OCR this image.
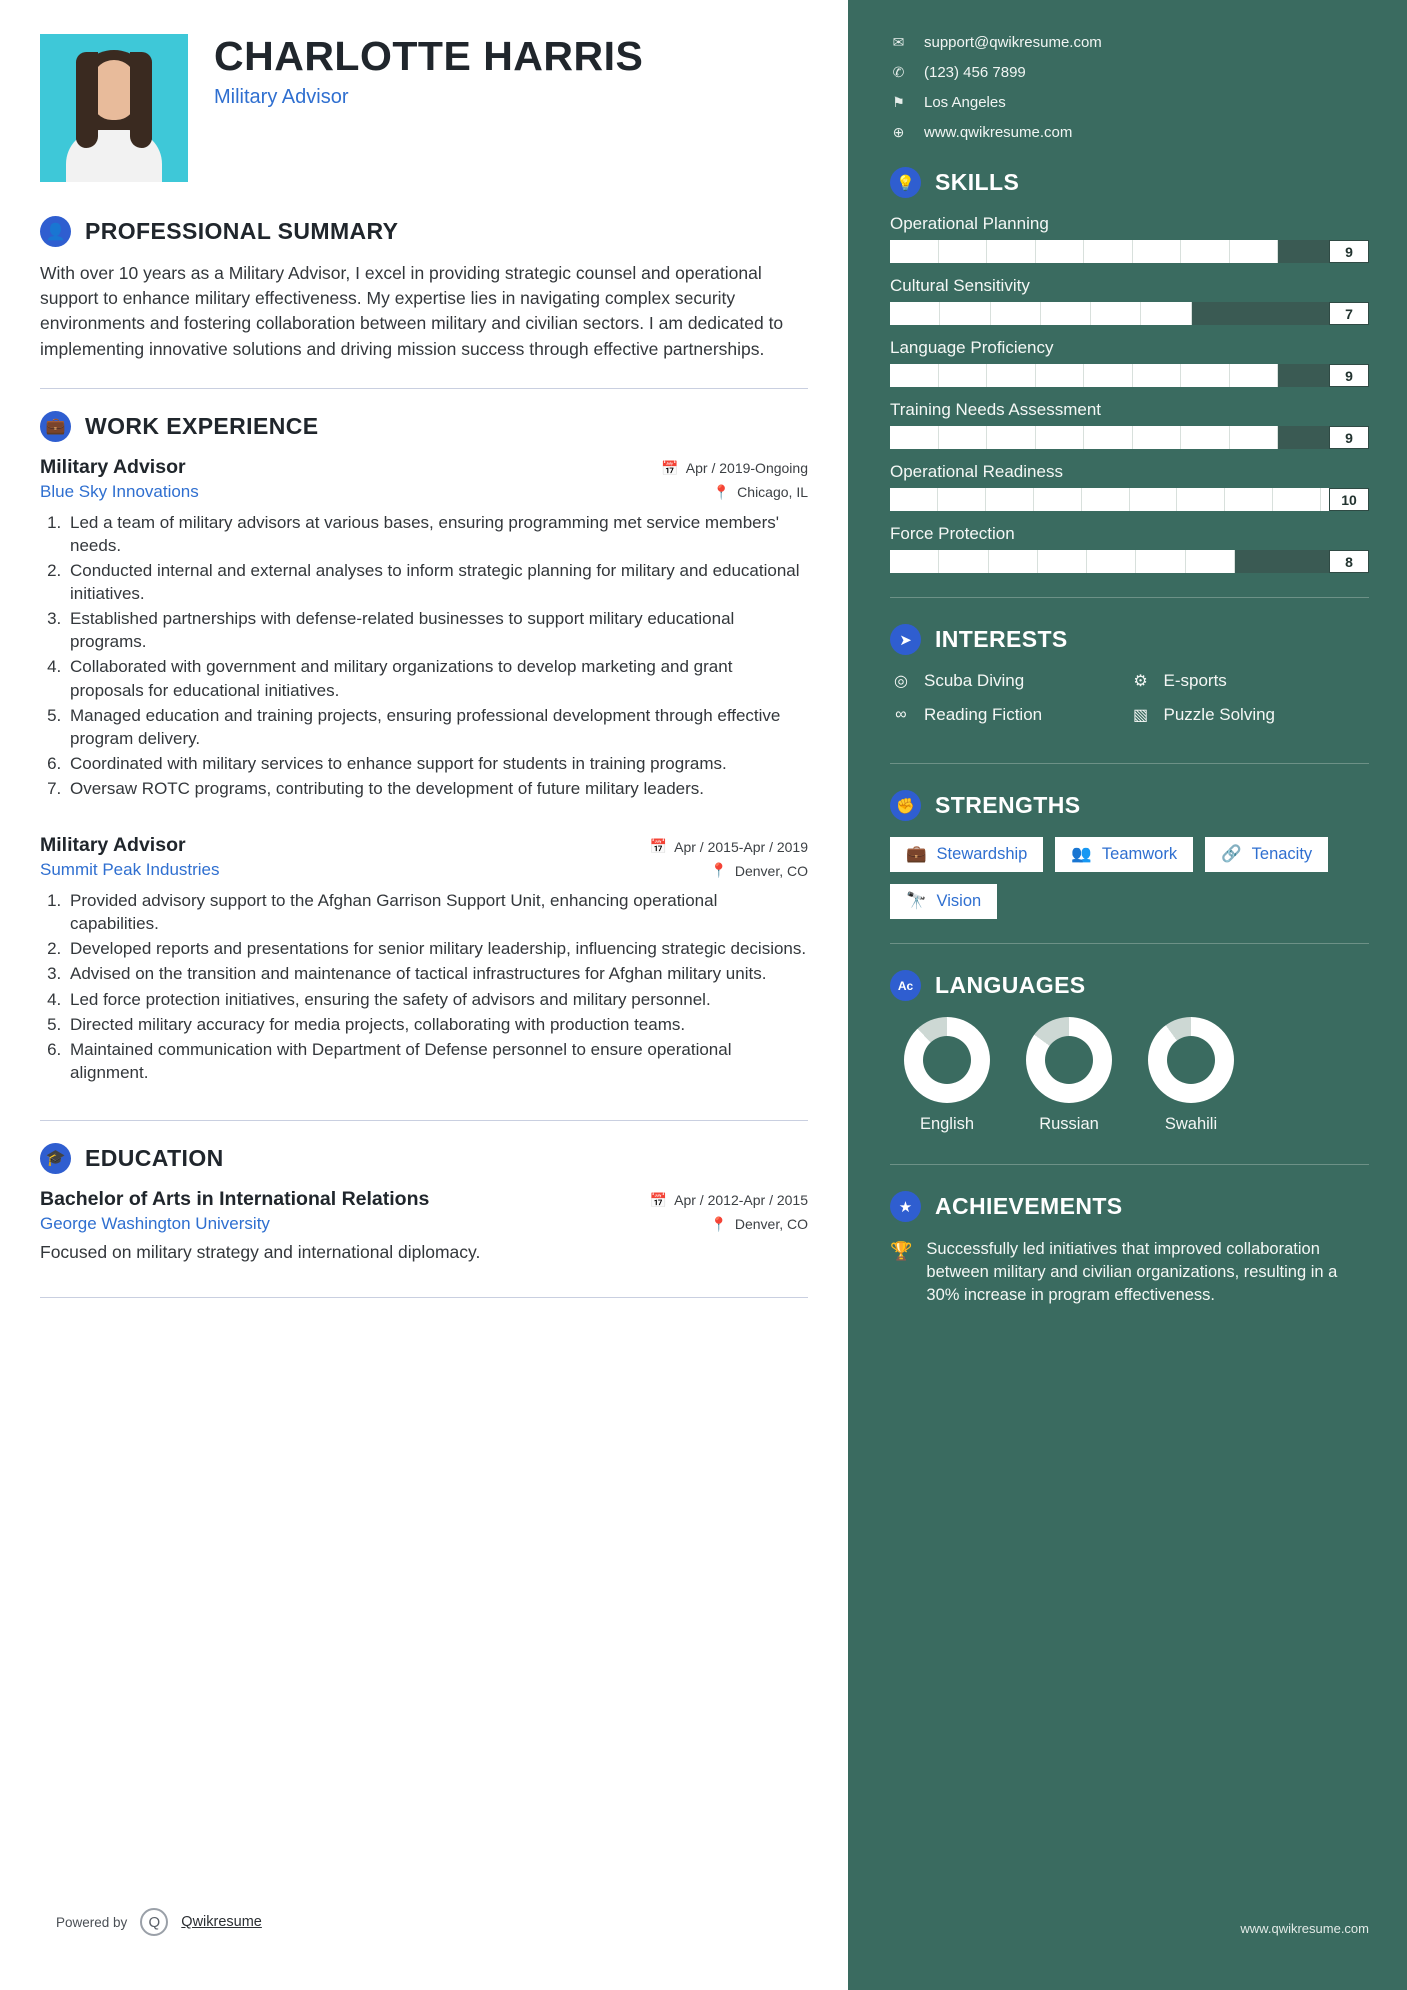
CHARLOTTE HARRIS
Military Advisor
👤 PROFESSIONAL SUMMARY
With over 10 years as a Military Advisor, I excel in providing strategic counsel and operational support to enhance military effectiveness. My expertise lies in navigating complex security environments and fostering collaboration between military and civilian sectors. I am dedicated to implementing innovative solutions and driving mission success through effective partnerships.
💼 WORK EXPERIENCE
Military Advisor	📅 Apr / 2019-Ongoing
Blue Sky Innovations	📍 Chicago, IL
1. Led a team of military advisors at various bases, ensuring programming met service members' needs.
2. Conducted internal and external analyses to inform strategic planning for military and educational initiatives.
3. Established partnerships with defense-related businesses to support military educational programs.
4. Collaborated with government and military organizations to develop marketing and grant proposals for educational initiatives.
5. Managed education and training projects, ensuring professional development through effective program delivery.
6. Coordinated with military services to enhance support for students in training programs.
7. Oversaw ROTC programs, contributing to the development of future military leaders.
Military Advisor	📅 Apr / 2015-Apr / 2019
Summit Peak Industries	📍 Denver, CO
1. Provided advisory support to the Afghan Garrison Support Unit, enhancing operational capabilities.
2. Developed reports and presentations for senior military leadership, influencing strategic decisions.
3. Advised on the transition and maintenance of tactical infrastructures for Afghan military units.
4. Led force protection initiatives, ensuring the safety of advisors and military personnel.
5. Directed military accuracy for media projects, collaborating with production teams.
6. Maintained communication with Department of Defense personnel to ensure operational alignment.
🎓 EDUCATION
Bachelor of Arts in International Relations	📅 Apr / 2012-Apr / 2015
George Washington University	📍 Denver, CO
Focused on military strategy and international diplomacy.
Powered by	Q	Qwikresume
✉ support@qwikresume.com
✆ (123) 456 7899
⚑ Los Angeles
⊕ www.qwikresume.com
💡 SKILLS
Operational Planning
9
Cultural Sensitivity
7
Language Proficiency
9
Training Needs Assessment
9
Operational Readiness
10
Force Protection
8
➤	INTERESTS
◎ Scuba Diving	⚙ E-sports
∞	Reading Fiction	▧ Puzzle Solving
✊ STRENGTHS
💼 Stewardship	👥 Teamwork	🔗 Tenacity
🔭 Vision
Aᴄ LANGUAGES
English	Russian	Swahili
★ ACHIEVEMENTS
🏆 Successfully led initiatives that improved collaboration between military and civilian organizations, resulting in a 30% increase in program effectiveness.
www.qwikresume.com
